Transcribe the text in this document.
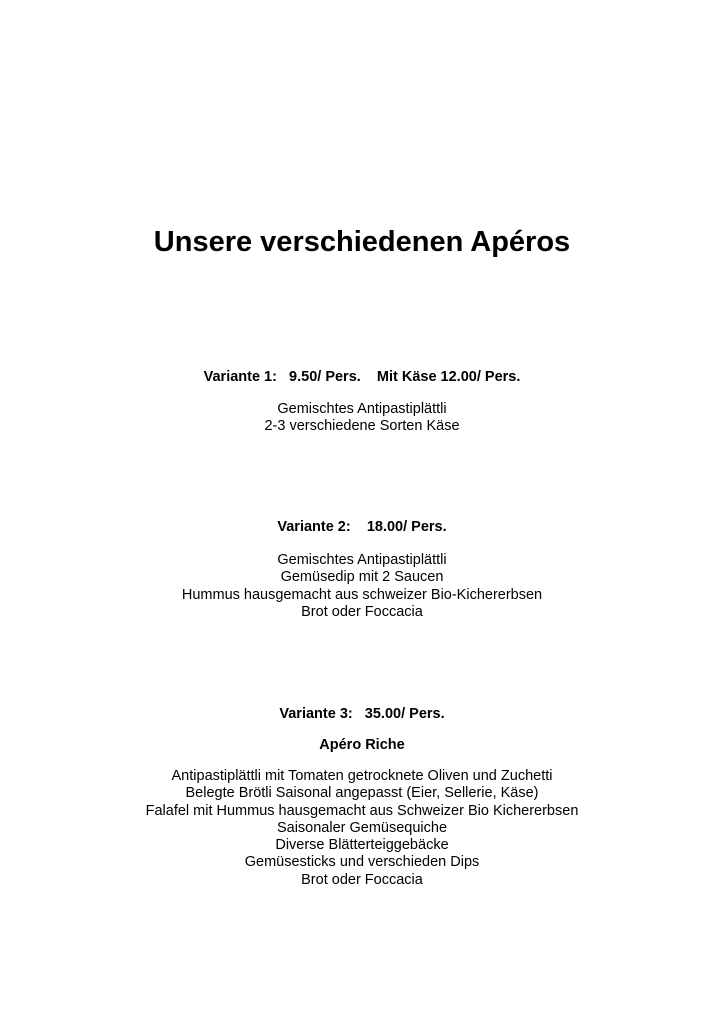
Unsere verschiedenen Apéros
Variante 1:   9.50/ Pers.    Mit Käse 12.00/ Pers.
Gemischtes Antipastiplättli
2-3 verschiedene Sorten Käse
Variante 2:    18.00/ Pers.
Gemischtes Antipastiplättli
Gemüsedip mit 2 Saucen
Hummus hausgemacht aus schweizer Bio-Kichererbsen
Brot oder Foccacia
Variante 3:   35.00/ Pers.
Apéro Riche
Antipastiplättli mit Tomaten getrocknete Oliven und Zuchetti
Belegte Brötli Saisonal angepasst (Eier, Sellerie, Käse)
Falafel mit Hummus hausgemacht aus Schweizer Bio Kichererbsen
Saisonaler Gemüsequiche
Diverse Blätterteiggebäcke
Gemüsesticks und verschieden Dips
Brot oder Foccacia
